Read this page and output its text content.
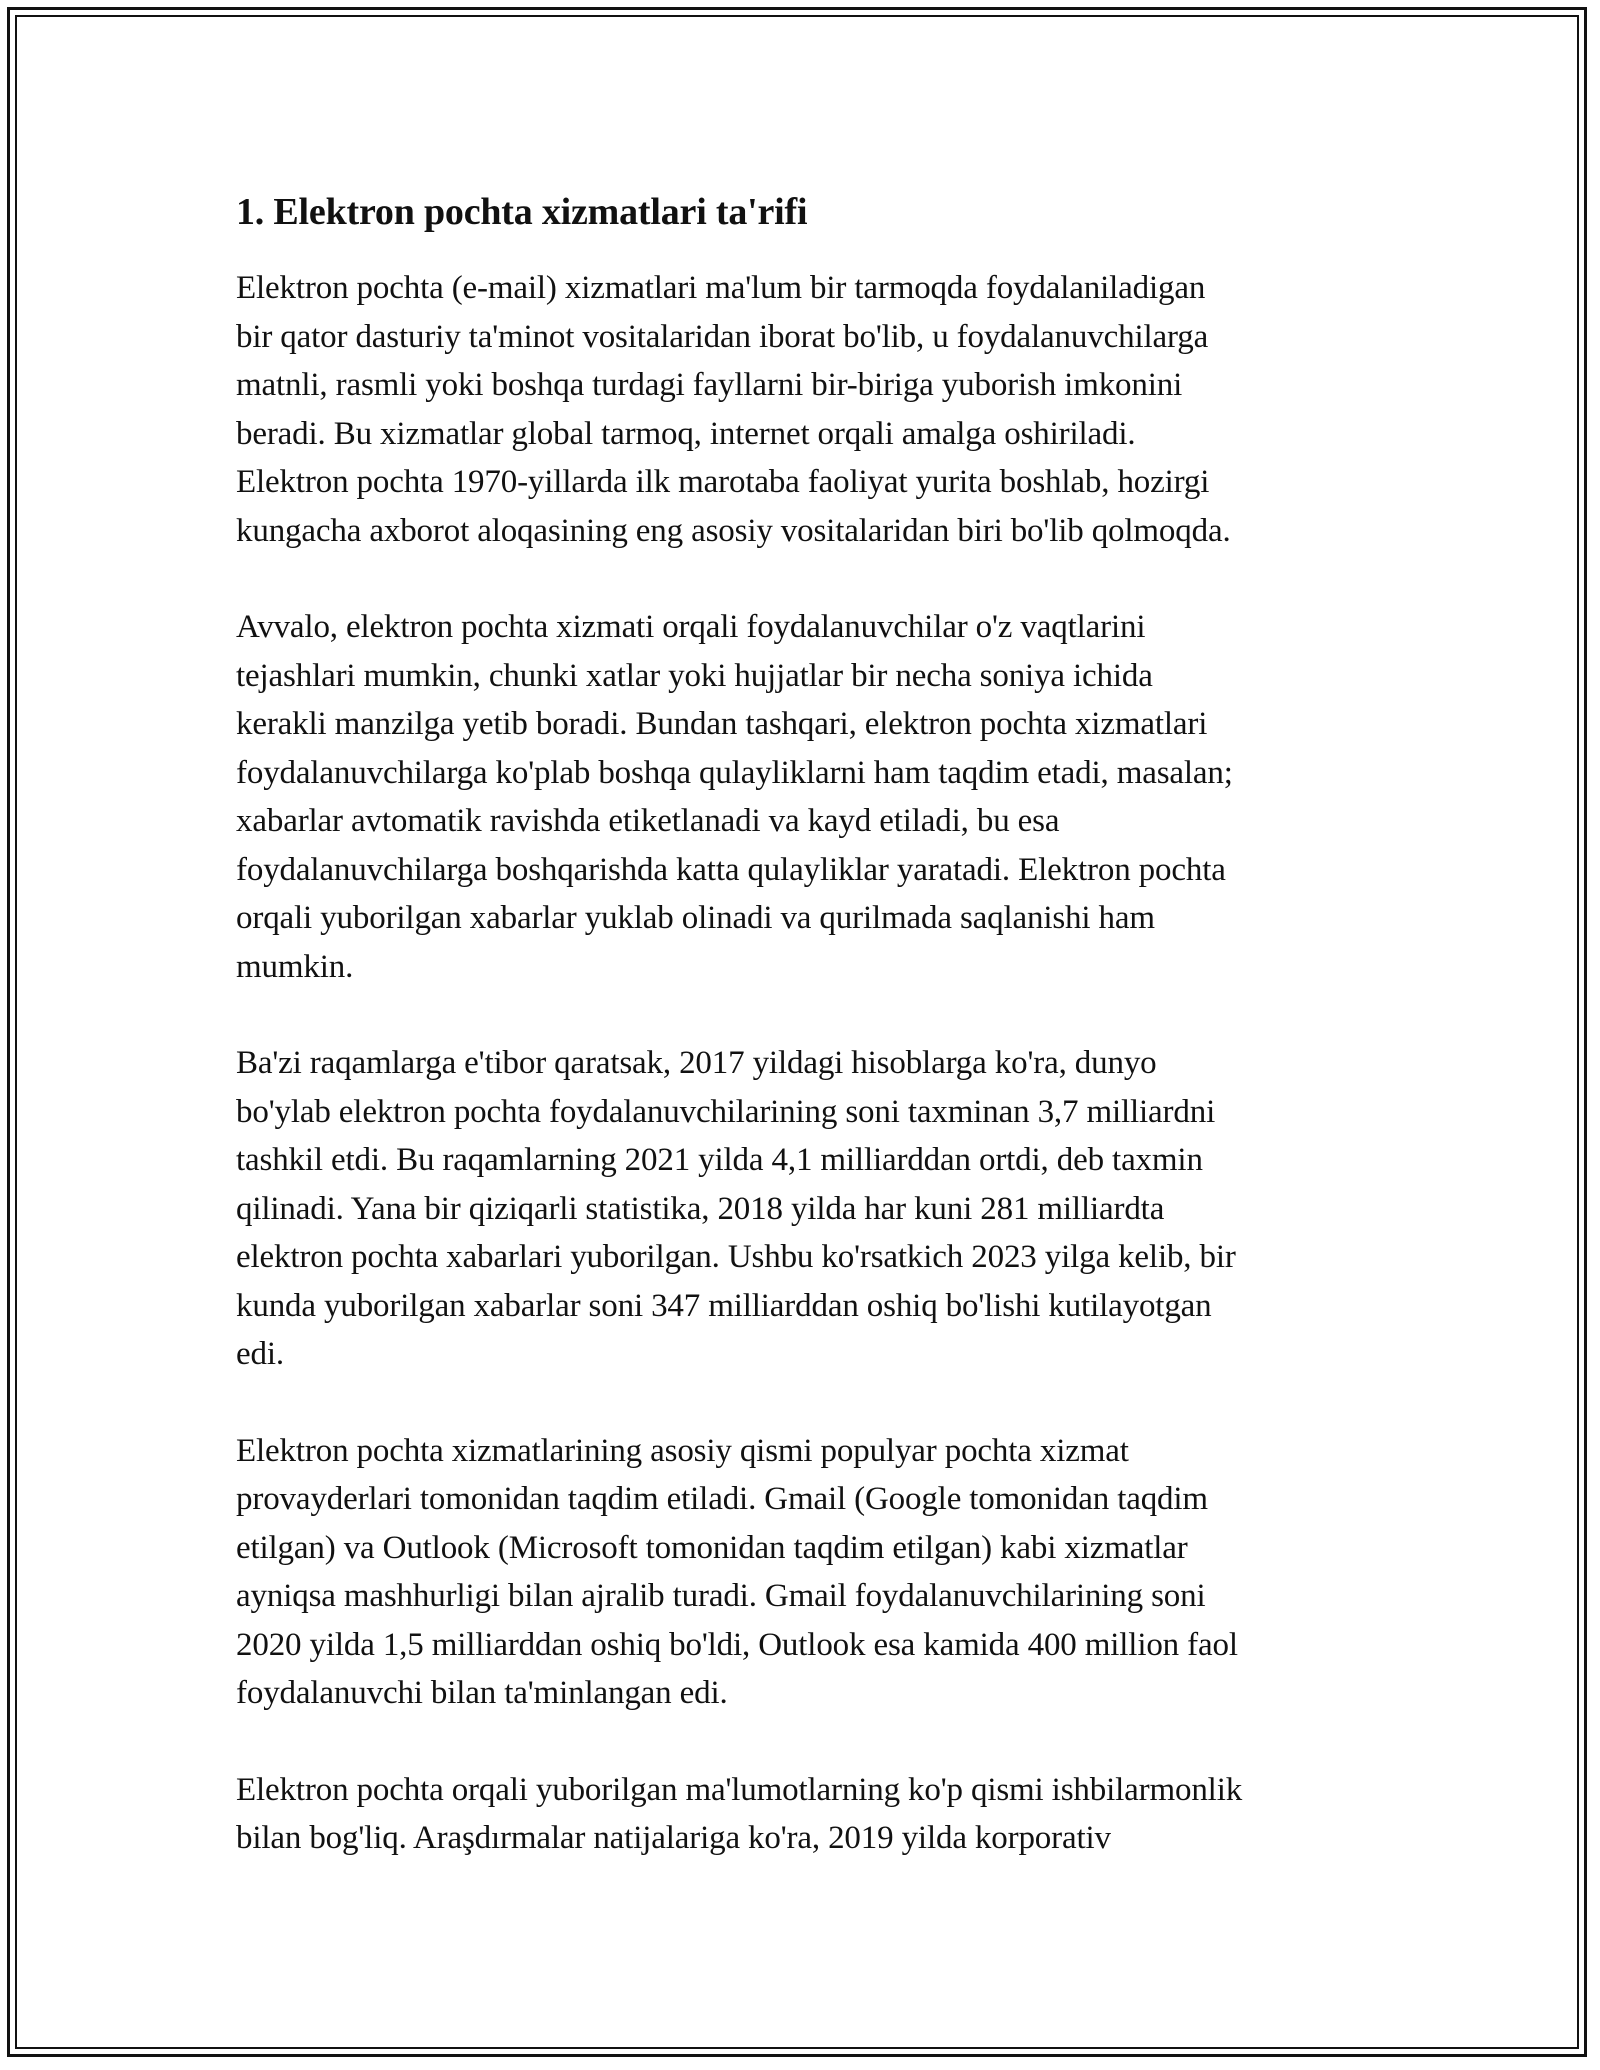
1. Elektron pochta xizmatlari ta'rifi

Elektron pochta (e-mail) xizmatlari ma'lum bir tarmoqda foydalaniladigan
bir qator dasturiy ta'minot vositalaridan iborat bo'lib, u foydalanuvchilarga
matnli, rasmli yoki boshqa turdagi fayllarni bir-biriga yuborish imkonini
beradi. Bu xizmatlar global tarmoq, internet orqali amalga oshiriladi.
Elektron pochta 1970-yillarda ilk marotaba faoliyat yurita boshlab, hozirgi
kungacha axborot aloqasining eng asosiy vositalaridan biri bo'lib qolmoqda.

Avvalo, elektron pochta xizmati orqali foydalanuvchilar o'z vaqtlarini
tejashlari mumkin, chunki xatlar yoki hujjatlar bir necha soniya ichida
kerakli manzilga yetib boradi. Bundan tashqari, elektron pochta xizmatlari
foydalanuvchilarga ko'plab boshqa qulayliklarni ham taqdim etadi, masalan;
xabarlar avtomatik ravishda etiketlanadi va kayd etiladi, bu esa
foydalanuvchilarga boshqarishda katta qulayliklar yaratadi. Elektron pochta
orqali yuborilgan xabarlar yuklab olinadi va qurilmada saqlanishi ham
mumkin.

Ba'zi raqamlarga e'tibor qaratsak, 2017 yildagi hisoblarga ko'ra, dunyo
bo'ylab elektron pochta foydalanuvchilarining soni taxminan 3,7 milliardni
tashkil etdi. Bu raqamlarning 2021 yilda 4,1 milliarddan ortdi, deb taxmin
qilinadi. Yana bir qiziqarli statistika, 2018 yilda har kuni 281 milliardta
elektron pochta xabarlari yuborilgan. Ushbu ko'rsatkich 2023 yilga kelib, bir
kunda yuborilgan xabarlar soni 347 milliarddan oshiq bo'lishi kutilayotgan
edi.

Elektron pochta xizmatlarining asosiy qismi populyar pochta xizmat
provayderlari tomonidan taqdim etiladi. Gmail (Google tomonidan taqdim
etilgan) va Outlook (Microsoft tomonidan taqdim etilgan) kabi xizmatlar
ayniqsa mashhurligi bilan ajralib turadi. Gmail foydalanuvchilarining soni
2020 yilda 1,5 milliarddan oshiq bo'ldi, Outlook esa kamida 400 million faol
foydalanuvchi bilan ta'minlangan edi.

Elektron pochta orqali yuborilgan ma'lumotlarning ko'p qismi ishbilarmonlik
bilan bog'liq. Araşdırmalar natijalariga ko'ra, 2019 yilda korporativ
